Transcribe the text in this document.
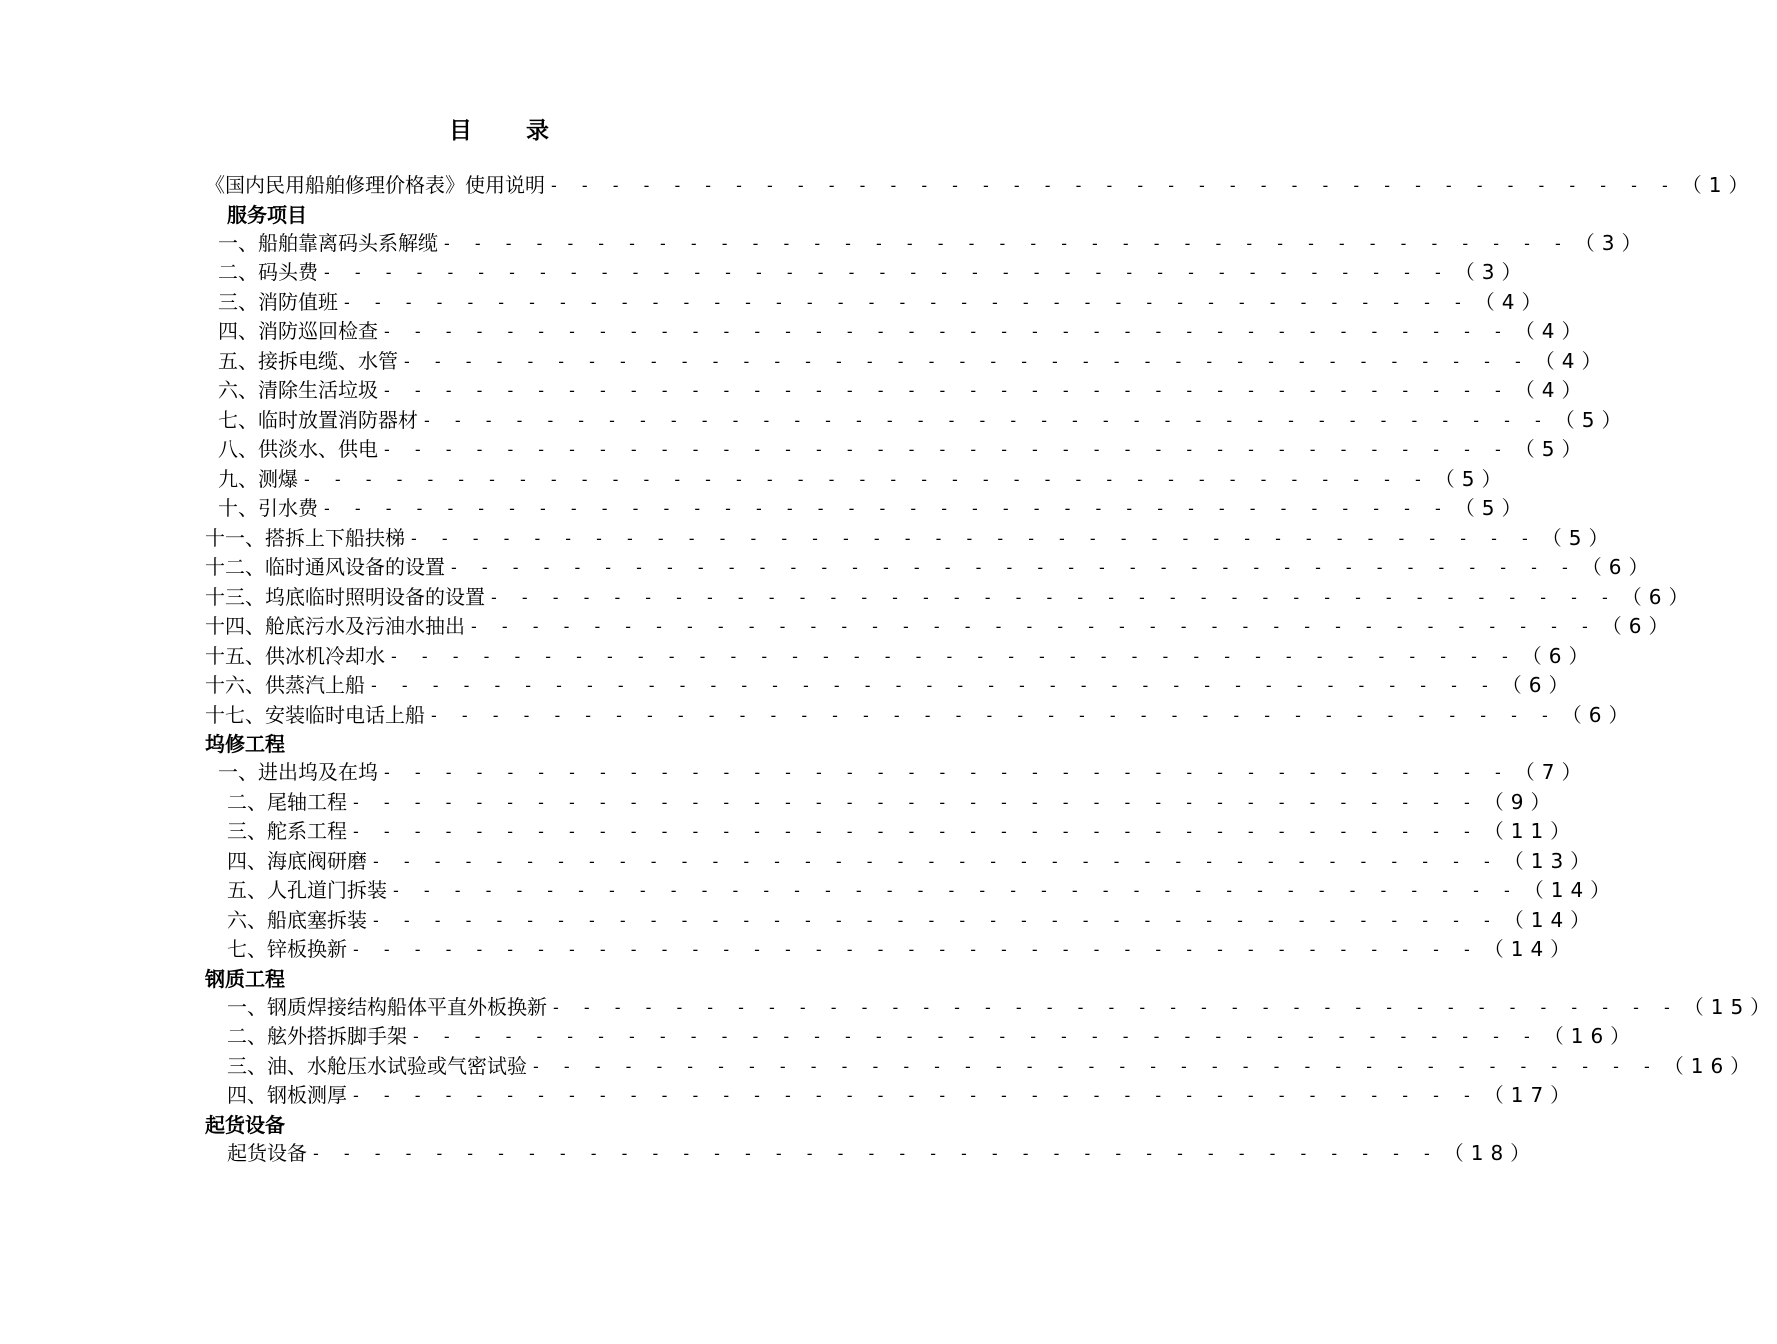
目录
《国内民用船舶修理价格表》使用说明 - - - - - - - - - - - - - - - - - - - - - - - - - - - - - - - - - - - - - （1）
服务项目
一、船舶靠离码头系解缆 - - - - - - - - - - - - - - - - - - - - - - - - - - - - - - - - - - - - - （3）
二、码头费 - - - - - - - - - - - - - - - - - - - - - - - - - - - - - - - - - - - - - （3）
三、消防值班 - - - - - - - - - - - - - - - - - - - - - - - - - - - - - - - - - - - - - （4）
四、消防巡回检查 - - - - - - - - - - - - - - - - - - - - - - - - - - - - - - - - - - - - - （4）
五、接拆电缆、水管 - - - - - - - - - - - - - - - - - - - - - - - - - - - - - - - - - - - - - （4）
六、清除生活垃圾 - - - - - - - - - - - - - - - - - - - - - - - - - - - - - - - - - - - - - （4）
七、临时放置消防器材 - - - - - - - - - - - - - - - - - - - - - - - - - - - - - - - - - - - - - （5）
八、供淡水、供电 - - - - - - - - - - - - - - - - - - - - - - - - - - - - - - - - - - - - - （5）
九、测爆 - - - - - - - - - - - - - - - - - - - - - - - - - - - - - - - - - - - - - （5）
十、引水费 - - - - - - - - - - - - - - - - - - - - - - - - - - - - - - - - - - - - - （5）
十一、搭拆上下船扶梯 - - - - - - - - - - - - - - - - - - - - - - - - - - - - - - - - - - - - - （5）
十二、临时通风设备的设置 - - - - - - - - - - - - - - - - - - - - - - - - - - - - - - - - - - - - - （6）
十三、坞底临时照明设备的设置 - - - - - - - - - - - - - - - - - - - - - - - - - - - - - - - - - - - - - （6）
十四、舱底污水及污油水抽出 - - - - - - - - - - - - - - - - - - - - - - - - - - - - - - - - - - - - - （6）
十五、供冰机冷却水 - - - - - - - - - - - - - - - - - - - - - - - - - - - - - - - - - - - - - （6）
十六、供蒸汽上船 - - - - - - - - - - - - - - - - - - - - - - - - - - - - - - - - - - - - - （6）
十七、安装临时电话上船 - - - - - - - - - - - - - - - - - - - - - - - - - - - - - - - - - - - - - （6）
坞修工程
一、进出坞及在坞 - - - - - - - - - - - - - - - - - - - - - - - - - - - - - - - - - - - - - （7）
二、尾轴工程 - - - - - - - - - - - - - - - - - - - - - - - - - - - - - - - - - - - - - （9）
三、舵系工程 - - - - - - - - - - - - - - - - - - - - - - - - - - - - - - - - - - - - - （11）
四、海底阀研磨 - - - - - - - - - - - - - - - - - - - - - - - - - - - - - - - - - - - - - （13）
五、人孔道门拆装 - - - - - - - - - - - - - - - - - - - - - - - - - - - - - - - - - - - - - （14）
六、船底塞拆装 - - - - - - - - - - - - - - - - - - - - - - - - - - - - - - - - - - - - - （14）
七、锌板换新 - - - - - - - - - - - - - - - - - - - - - - - - - - - - - - - - - - - - - （14）
钢质工程
一、钢质焊接结构船体平直外板换新 - - - - - - - - - - - - - - - - - - - - - - - - - - - - - - - - - - - - - （15）
二、舷外搭拆脚手架 - - - - - - - - - - - - - - - - - - - - - - - - - - - - - - - - - - - - - （16）
三、油、水舱压水试验或气密试验 - - - - - - - - - - - - - - - - - - - - - - - - - - - - - - - - - - - - - （16）
四、钢板测厚 - - - - - - - - - - - - - - - - - - - - - - - - - - - - - - - - - - - - - （17）
起货设备
起货设备 - - - - - - - - - - - - - - - - - - - - - - - - - - - - - - - - - - - - - （18）
